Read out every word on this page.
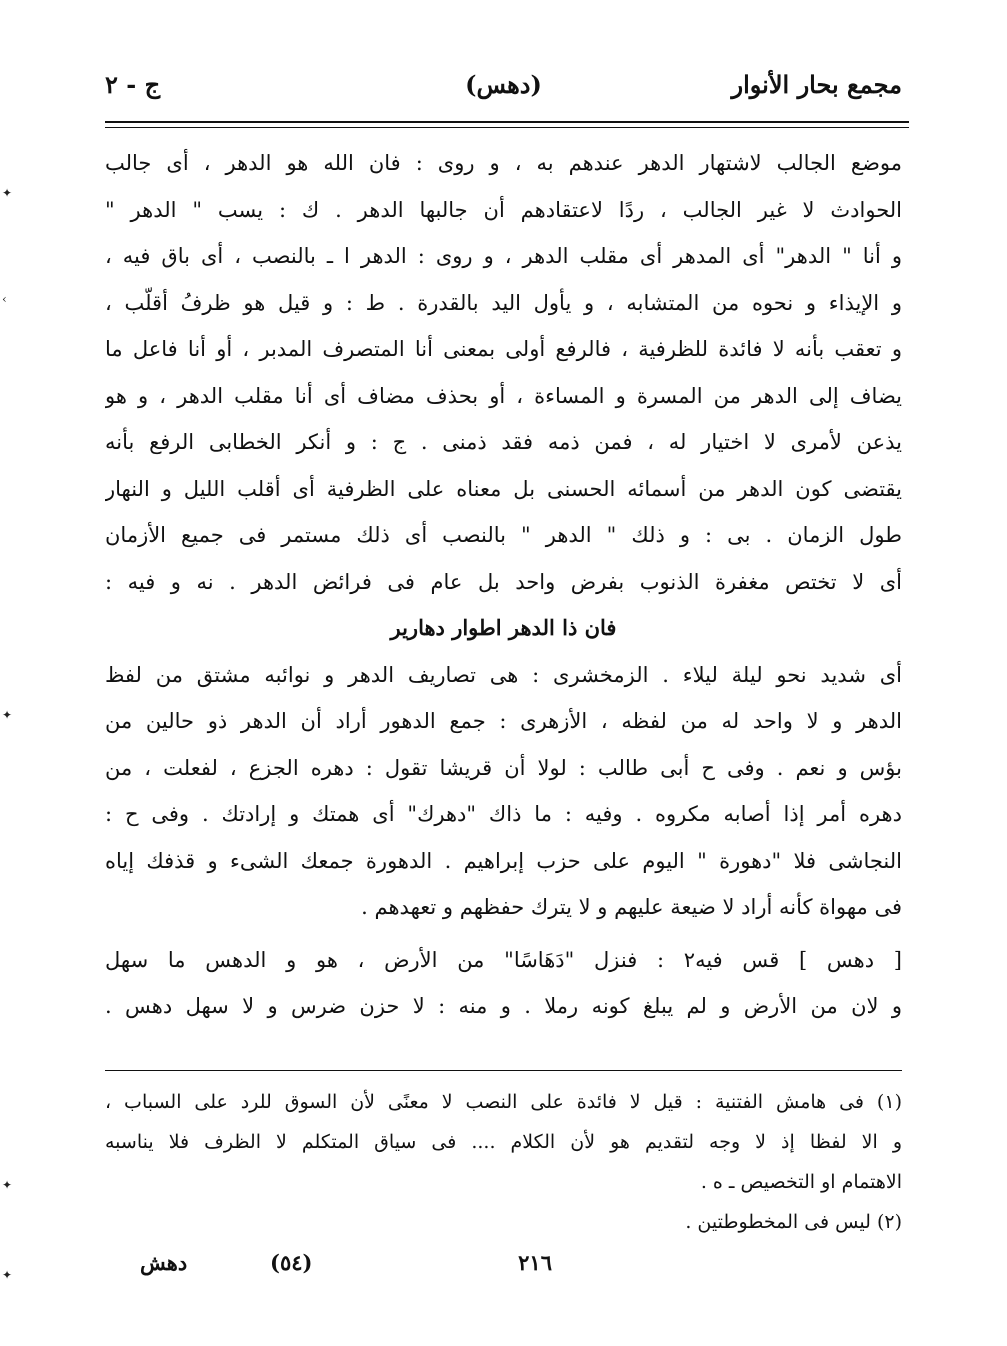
مجمع بحار الأنوار
(دهس)
ج - ٢
موضع الجالب لاشتهار الدهر عندهم به ، و روى : فان الله هو الدهر ، أى جالب
الحوادث لا غير الجالب ، ردًا لاعتقادهم أن جالبها الدهر . ك : يسب " الدهر "
و أنا " الدهر" أى المدهر أى مقلب الدهر ، و روى : الدهر ا ـ بالنصب ، أى باق فيه ،
و الإيذاء و نحوه من المتشابه ، و يأول اليد بالقدرة . ط : و قيل هو ظرفُ أقلّب ،
و تعقب بأنه لا فائدة للظرفية ، فالرفع أولى بمعنى أنا المتصرف المدبر ، أو أنا فاعل ما
يضاف إلى الدهر من المسرة و المساءة ، أو بحذف مضاف أى أنا مقلب الدهر ، و هو
يذعن لأمرى لا اختيار له ، فمن ذمه فقد ذمنى . ج : و أنكر الخطابى الرفع بأنه
يقتضى كون الدهر من أسمائه الحسنى بل معناه على الظرفية أى أقلب الليل و النهار
طول الزمان . بى : و ذلك " الدهر " بالنصب أى ذلك مستمر فى جميع الأزمان
أى لا تختص مغفرة الذنوب بفرض واحد بل عام فى فرائض الدهر . نه و فيه :
فان ذا الدهر اطوار دهارير
أى شديد نحو ليلة ليلاء . الزمخشرى : هى تصاريف الدهر و نوائبه مشتق من لفظ
الدهر و لا واحد له من لفظه ، الأزهرى : جمع الدهور أراد أن الدهر ذو حالين من
بؤس و نعم . وفى ح أبى طالب : لولا أن قريشا تقول : دهره الجزع ، لفعلت ، من
دهره أمر إذا أصابه مكروه . وفيه : ما ذاك "دهرك" أى همتك و إرادتك . وفى ح :
النجاشى فلا "دهورة " اليوم على حزب إبراهيم . الدهورة جمعك الشىء و قذفك إياه
فى مهواة كأنه أراد لا ضيعة عليهم و لا يترك حفظهم و تعهدهم .
[ دهس ] قس فيه٢ : فنزل "دَهَاسًا" من الأرض ، هو و الدهس ما سهل
و لان من الأرض و لم يبلغ كونه رملا . و منه : لا حزن ضرس و لا سهل دهس .
(١) فى هامش الفتنية : قيل لا فائدة على النصب لا معنًى لأن السوق للرد على السباب ،
و الا لفظا إذ لا وجه لتقديم هو لأن الكلام .... فى سياق المتكلم لا الظرف فلا يناسبه
الاهتمام او التخصيص ـ ه .
(٢) ليس فى المخطوطتين .
٢١٦
(٥٤)
دهش
✦
‹
✦
✦
✦
